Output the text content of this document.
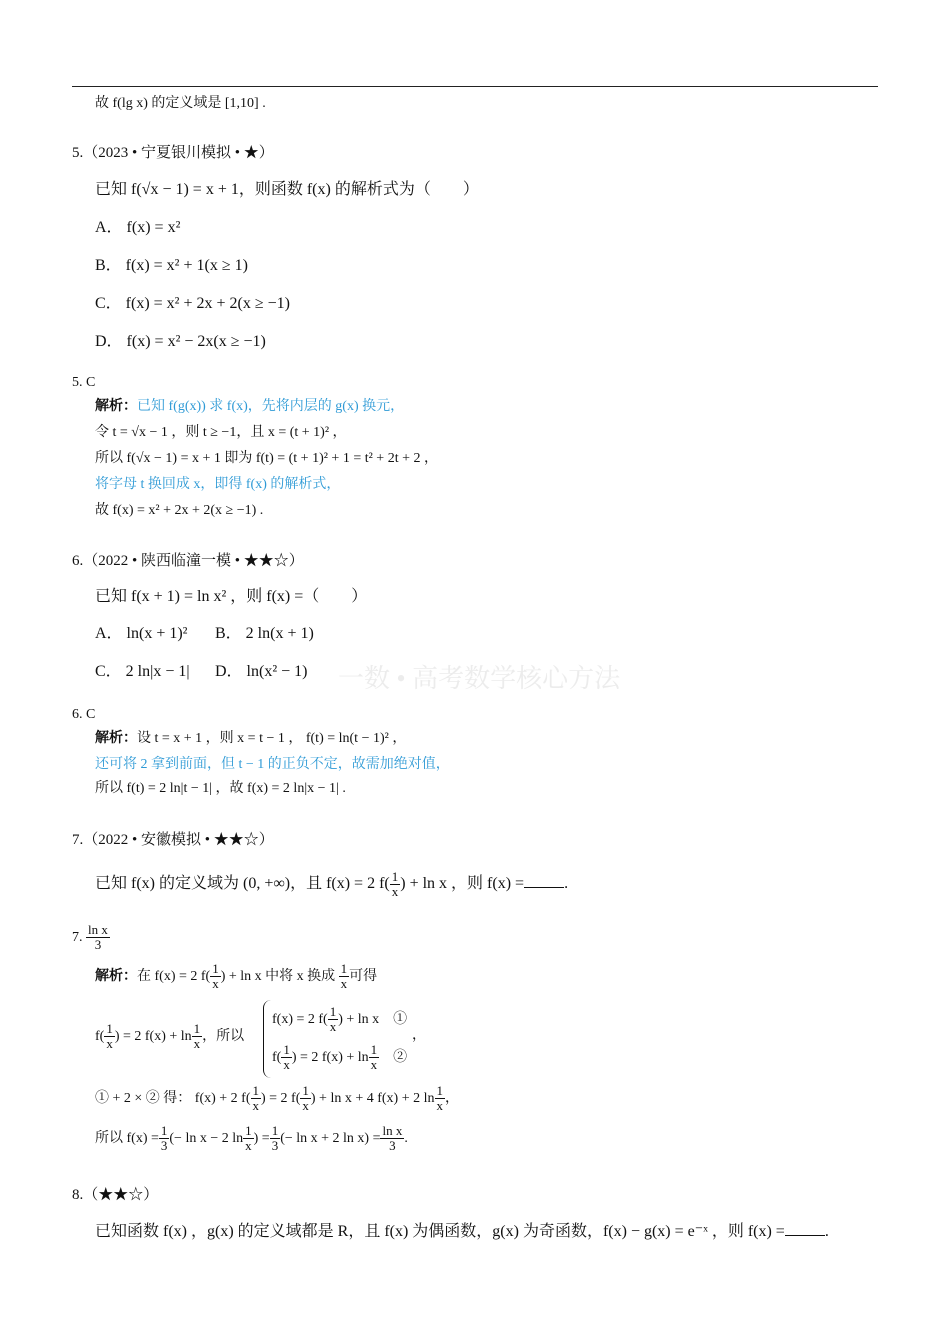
故 f(lg x) 的定义域是 [1,10] .
5.（2023 • 宁夏银川模拟 • ★）
已知 f(√x − 1) = x + 1，则函数 f(x) 的解析式为（　　）
A． f(x) = x²
B． f(x) = x² + 1(x ≥ 1)
C． f(x) = x² + 2x + 2(x ≥ −1)
D． f(x) = x² − 2x(x ≥ −1)
5. C
解析：已知 f(g(x)) 求 f(x)，先将内层的 g(x) 换元，
令 t = √x − 1 ，则 t ≥ −1，且 x = (t + 1)² ，
所以 f(√x − 1) = x + 1 即为 f(t) = (t + 1)² + 1 = t² + 2t + 2 ，
将字母 t 换回成 x，即得 f(x) 的解析式，
故 f(x) = x² + 2x + 2(x ≥ −1) .
6.（2022 • 陕西临潼一模 • ★★☆）
已知 f(x + 1) = ln x² ，则 f(x) =（　　）
A． ln(x + 1)² B． 2 ln(x + 1)
C． 2 ln|x − 1| D． ln(x² − 1) 一数 • 高考数学核心方法
6. C
解析：设 t = x + 1 ，则 x = t − 1 ， f(t) = ln(t − 1)² ，
还可将 2 拿到前面，但 t − 1 的正负不定，故需加绝对值，
所以 f(t) = 2 ln|t − 1| ，故 f(x) = 2 ln|x − 1| .
7.（2022 • 安徽模拟 • ★★☆）
已知 f(x) 的定义域为 (0, +∞)，且 f(x) = 2 $f( \frac{1}{x}$ ) + ln x ，则 f(x) =	.
7. $\frac{\text{ln x}}{3}$
解析：在 f(x) = 2 $f( \frac{1}{x}$ ) + ln x 中将 x 换成 $\frac{1}{x}$ 可得
$f( \frac{1}{x}$ ) = 2 $f(x) + \ln \frac{1}{x}$ ，所以
f(x) = 2 $f( \frac{1}{x}$ ) + ln x　①
$f( \frac{1}{x}$ ) = 2 $f(x) + \ln \frac{1}{x}$ 　②
，
① + 2 × ② 得： f(x) + 2 $f( \frac{1}{x}$ ) = 2 $f( \frac{1}{x}$ ) + ln x + 4 f(x) + 2 $\ln \frac{1}{x}$ ，
所以 $f(x) = \frac{1}{3}$ (− ln x − 2 $\ln \frac{1}{x}$ ) = $\frac{1}{3}$ (− ln x + 2 $\ln x) = \frac{\text{ln x}}{3}$ .
8.（★★☆）
已知函数 f(x) ，g(x) 的定义域都是 R，且 f(x) 为偶函数，g(x) 为奇函数，f(x) − g(x) = e⁻ˣ ，则 f(x) =	.
